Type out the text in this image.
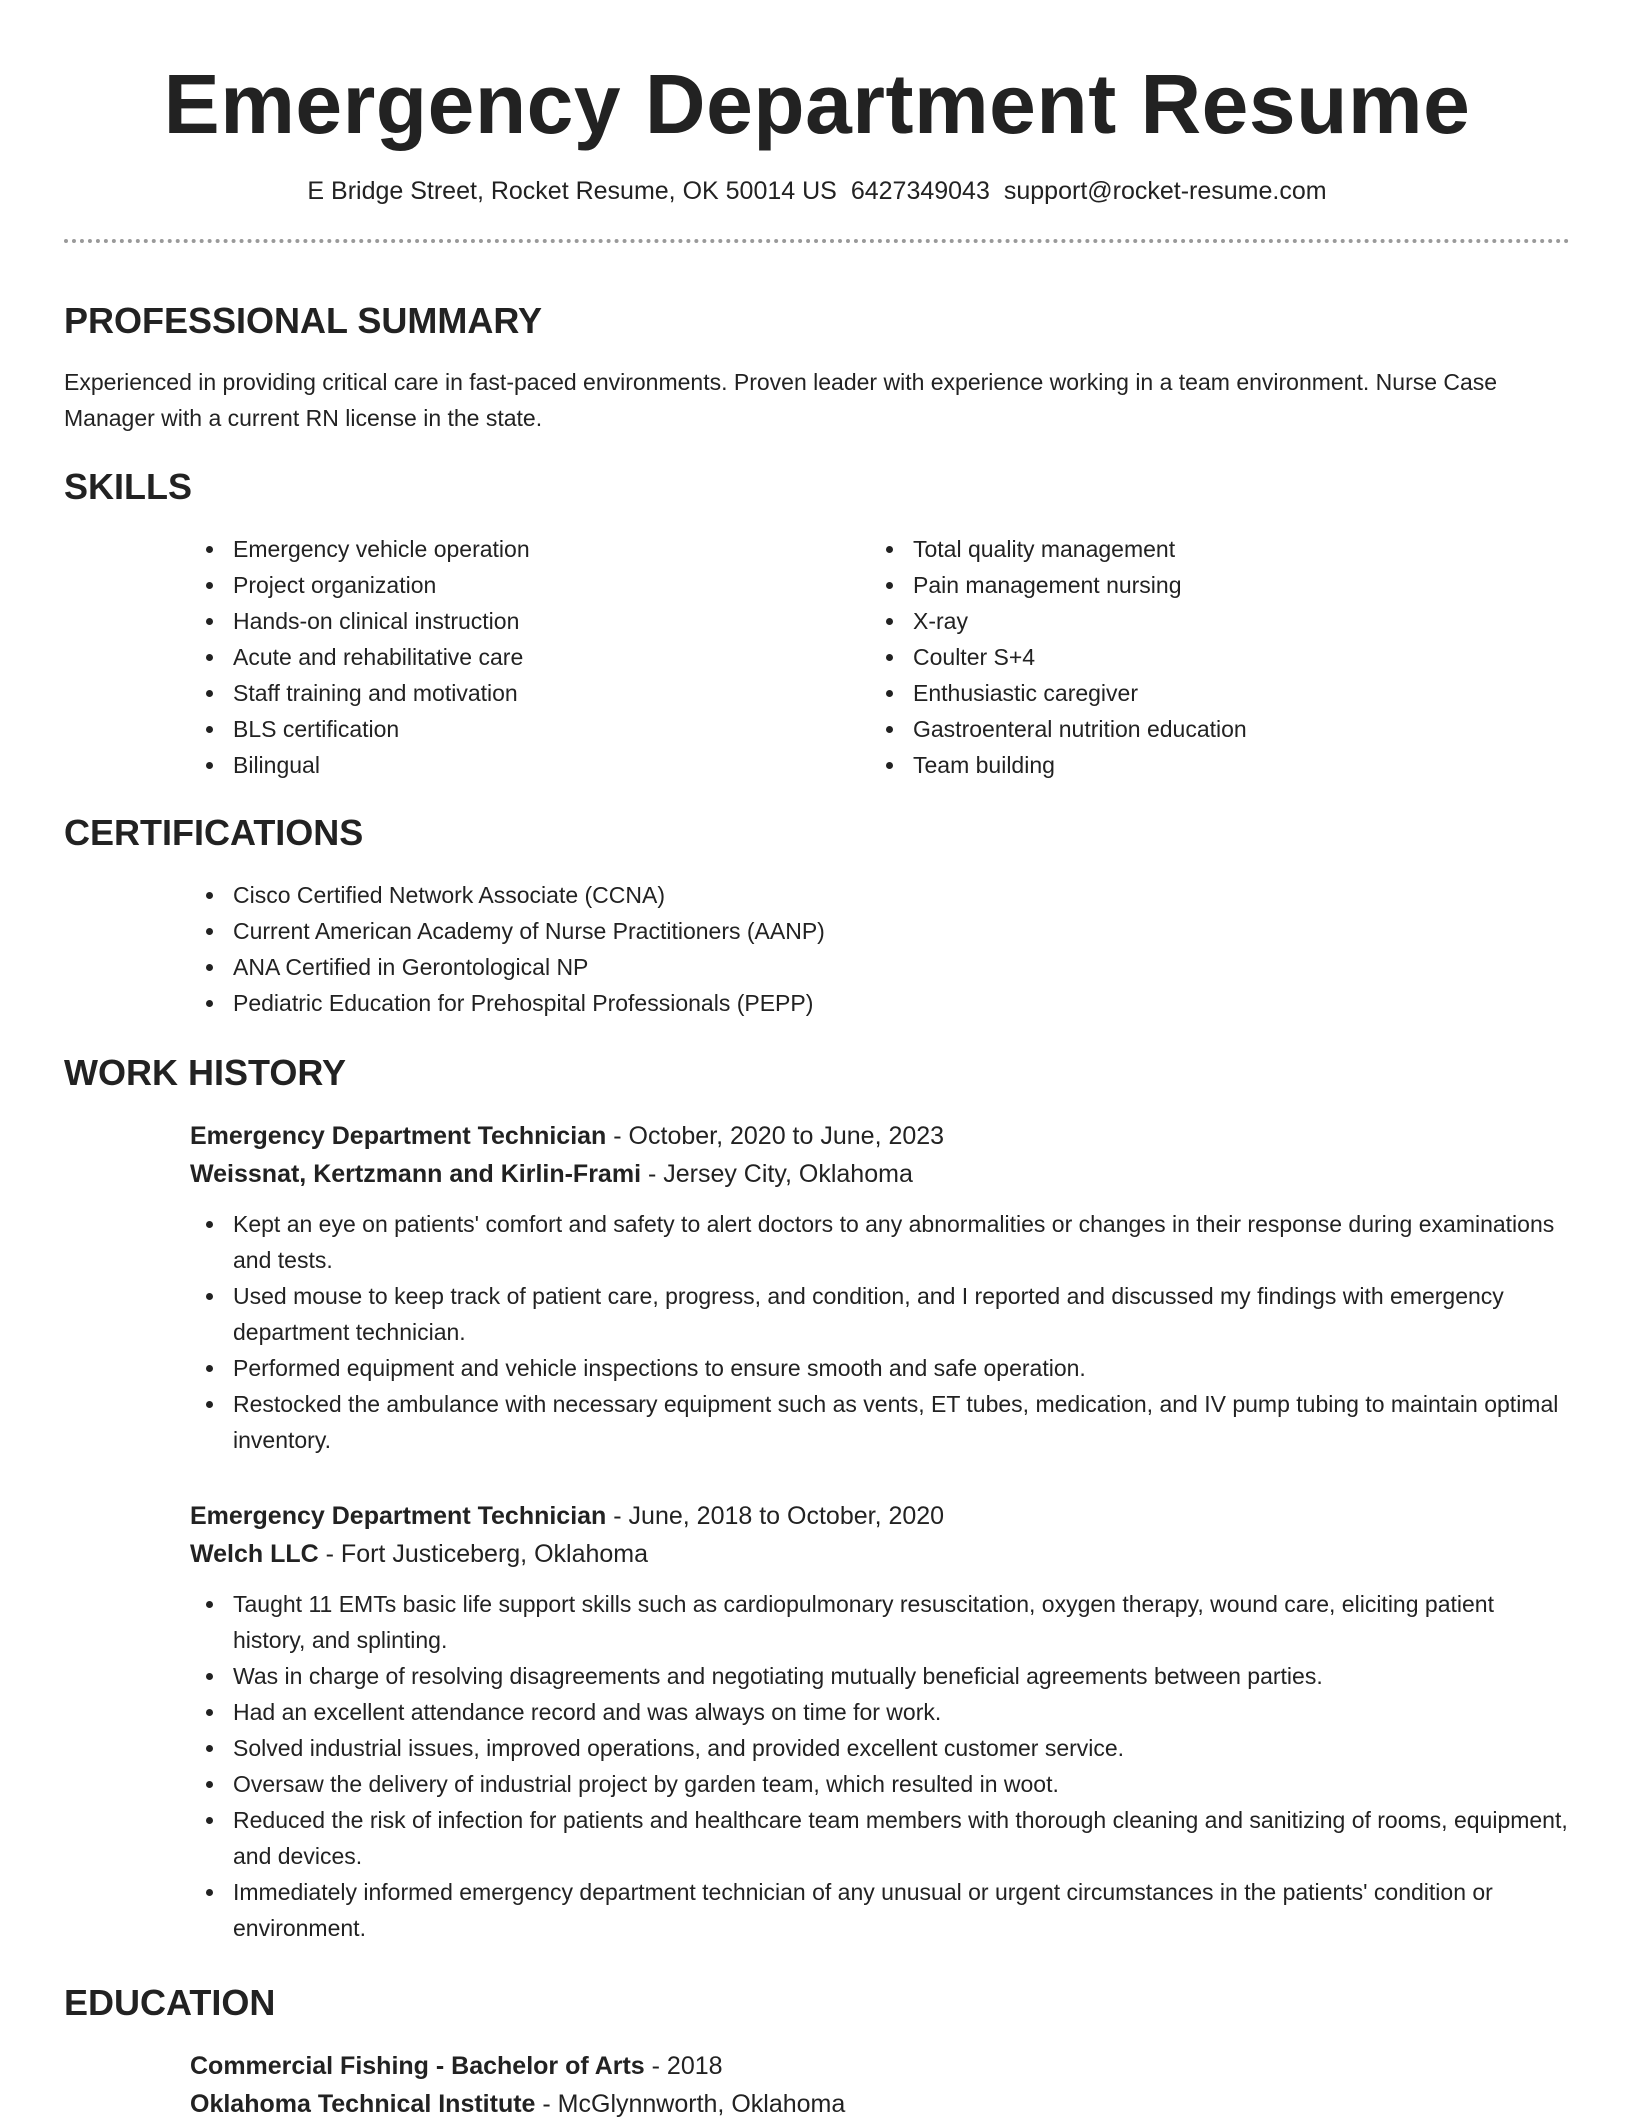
Emergency Department Resume
E Bridge Street, Rocket Resume, OK 50014 US 6427349043 support@rocket-resume.com
PROFESSIONAL SUMMARY

Experienced in providing critical care in fast-paced environments. Proven leader with experience working in a team environment. Nurse Case Manager with a current RN license in the state.

SKILLS
Emergency vehicle operation
Project organization
Hands-on clinical instruction
Acute and rehabilitative care
Staff training and motivation
BLS certification
Bilingual
Total quality management
Pain management nursing
X-ray
Coulter S+4
Enthusiastic caregiver
Gastroenteral nutrition education
Team building
CERTIFICATIONS
Cisco Certified Network Associate (CCNA)
Current American Academy of Nurse Practitioners (AANP)
ANA Certified in Gerontological NP
Pediatric Education for Prehospital Professionals (PEPP)
WORK HISTORY

Emergency Department Technician - October, 2020 to June, 2023

Weissnat, Kertzmann and Kirlin-Frami - Jersey City, Oklahoma

Kept an eye on patients' comfort and safety to alert doctors to any abnormalities or changes in their response during examinations and tests.
Used mouse to keep track of patient care, progress, and condition, and I reported and discussed my findings with emergency department technician.
Performed equipment and vehicle inspections to ensure smooth and safe operation.
Restocked the ambulance with necessary equipment such as vents, ET tubes, medication, and IV pump tubing to maintain optimal inventory.

Emergency Department Technician - June, 2018 to October, 2020

Welch LLC - Fort Justiceberg, Oklahoma

Taught 11 EMTs basic life support skills such as cardiopulmonary resuscitation, oxygen therapy, wound care, eliciting patient history, and splinting.
Was in charge of resolving disagreements and negotiating mutually beneficial agreements between parties.
Had an excellent attendance record and was always on time for work.
Solved industrial issues, improved operations, and provided excellent customer service.
Oversaw the delivery of industrial project by garden team, which resulted in woot.
Reduced the risk of infection for patients and healthcare team members with thorough cleaning and sanitizing of rooms, equipment, and devices.
Immediately informed emergency department technician of any unusual or urgent circumstances in the patients' condition or environment.
EDUCATION

Commercial Fishing - Bachelor of Arts - 2018

Oklahoma Technical Institute - McGlynnworth, Oklahoma
